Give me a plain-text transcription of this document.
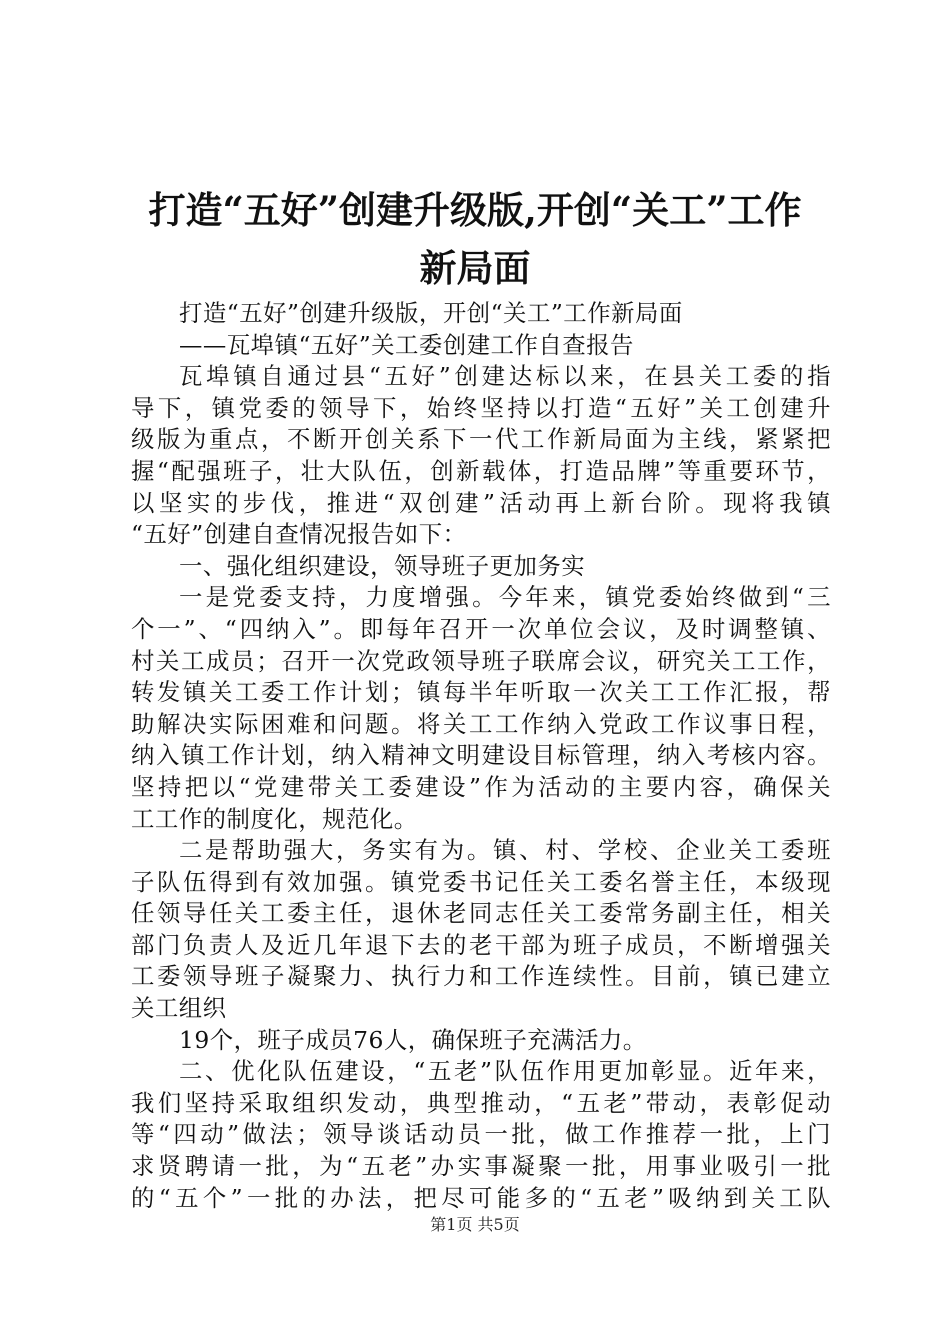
打造“五好”创建升级版,开创“关工”工作
新局面
打造“五好”创建升级版，开创“关工”工作新局面
——瓦埠镇“五好”关工委创建工作自查报告
瓦埠镇自通过县“五好”创建达标以来，在县关工委的指
导下，镇党委的领导下，始终坚持以打造“五好”关工创建升
级版为重点，不断开创关系下一代工作新局面为主线，紧紧把
握“配强班子，壮大队伍，创新载体，打造品牌”等重要环节，
以坚实的步伐，推进“双创建”活动再上新台阶。现将我镇
“五好”创建自查情况报告如下：
一、强化组织建设，领导班子更加务实
一是党委支持，力度增强。今年来，镇党委始终做到“三
个一”、“四纳入”。即每年召开一次单位会议，及时调整镇、
村关工成员；召开一次党政领导班子联席会议，研究关工工作，
转发镇关工委工作计划；镇每半年听取一次关工工作汇报，帮
助解决实际困难和问题。将关工工作纳入党政工作议事日程，
纳入镇工作计划，纳入精神文明建设目标管理，纳入考核内容。
坚持把以“党建带关工委建设”作为活动的主要内容，确保关
工工作的制度化，规范化。
二是帮助强大，务实有为。镇、村、学校、企业关工委班
子队伍得到有效加强。镇党委书记任关工委名誉主任，本级现
任领导任关工委主任，退休老同志任关工委常务副主任，相关
部门负责人及近几年退下去的老干部为班子成员，不断增强关
工委领导班子凝聚力、执行力和工作连续性。目前，镇已建立
关工组织
19个，班子成员76人，确保班子充满活力。
二、优化队伍建设，“五老”队伍作用更加彰显。近年来，
我们坚持采取组织发动，典型推动，“五老”带动，表彰促动
等“四动”做法；领导谈话动员一批，做工作推荐一批，上门
求贤聘请一批，为“五老”办实事凝聚一批，用事业吸引一批
的“五个”一批的办法，把尽可能多的“五老”吸纳到关工队
第1页 共5页
